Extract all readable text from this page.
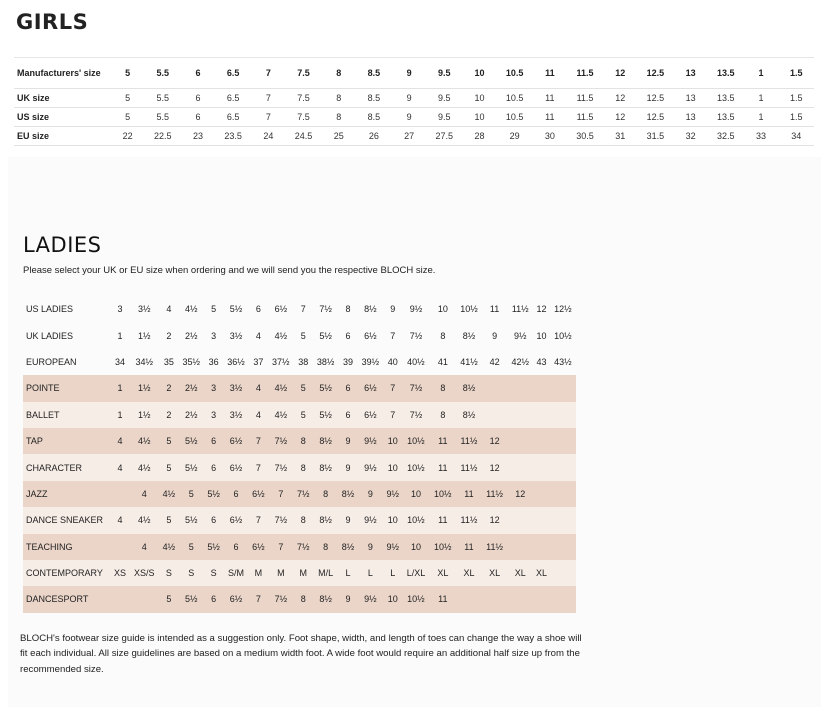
GIRLS
Manufacturers' size	5	5.5	6	6.5	7	7.5	8	8.5	9	9.5	10	10.5	11	11.5	12	12.5	13	13.5	1	1.5
UK size	5	5.5	6	6.5	7	7.5	8	8.5	9	9.5	10	10.5	11	11.5	12	12.5	13	13.5	1	1.5
US size	5	5.5	6	6.5	7	7.5	8	8.5	9	9.5	10	10.5	11	11.5	12	12.5	13	13.5	1	1.5
EU size	22	22.5	23	23.5	24	24.5	25	26	27	27.5	28	29	30	30.5	31	31.5	32	32.5	33	34
LADIES

Please select your UK or EU size when ordering and we will send you the respective BLOCH size.

US LADIES	3	3½	4	4½	5	5½	6	6½	7	7½	8	8½	9	9½	10	10½	11	11½	12	12½
UK LADIES	1	1½	2	2½	3	3½	4	4½	5	5½	6	6½	7	7½	8	8½	9	9½	10	10½
EUROPEAN	34	34½	35	35½	36	36½	37	37½	38	38½	39	39½	40	40½	41	41½	42	42½	43	43½
POINTE	1	1½	2	2½	3	3½	4	4½	5	5½	6	6½	7	7½	8	8½				
BALLET	1	1½	2	2½	3	3½	4	4½	5	5½	6	6½	7	7½	8	8½				
TAP	4	4½	5	5½	6	6½	7	7½	8	8½	9	9½	10	10½	11	11½	12			
CHARACTER	4	4½	5	5½	6	6½	7	7½	8	8½	9	9½	10	10½	11	11½	12			
JAZZ		4	4½	5	5½	6	6½	7	7½	8	8½	9	9½	10	10½	11	11½	12		
DANCE SNEAKER	4	4½	5	5½	6	6½	7	7½	8	8½	9	9½	10	10½	11	11½	12			
TEACHING		4	4½	5	5½	6	6½	7	7½	8	8½	9	9½	10	10½	11	11½			
CONTEMPORARY	XS	XS/S	S	S	S	S/M	M	M	M	M/L	L	L	L	L/XL	XL	XL	XL	XL	XL	
DANCESPORT			5	5½	6	6½	7	7½	8	8½	9	9½	10	10½	11					

BLOCH's footwear size guide is intended as a suggestion only. Foot shape, width, and length of toes can change the way a shoe will fit each individual. All size guidelines are based on a medium width foot. A wide foot would require an additional half size up from the recommended size.
